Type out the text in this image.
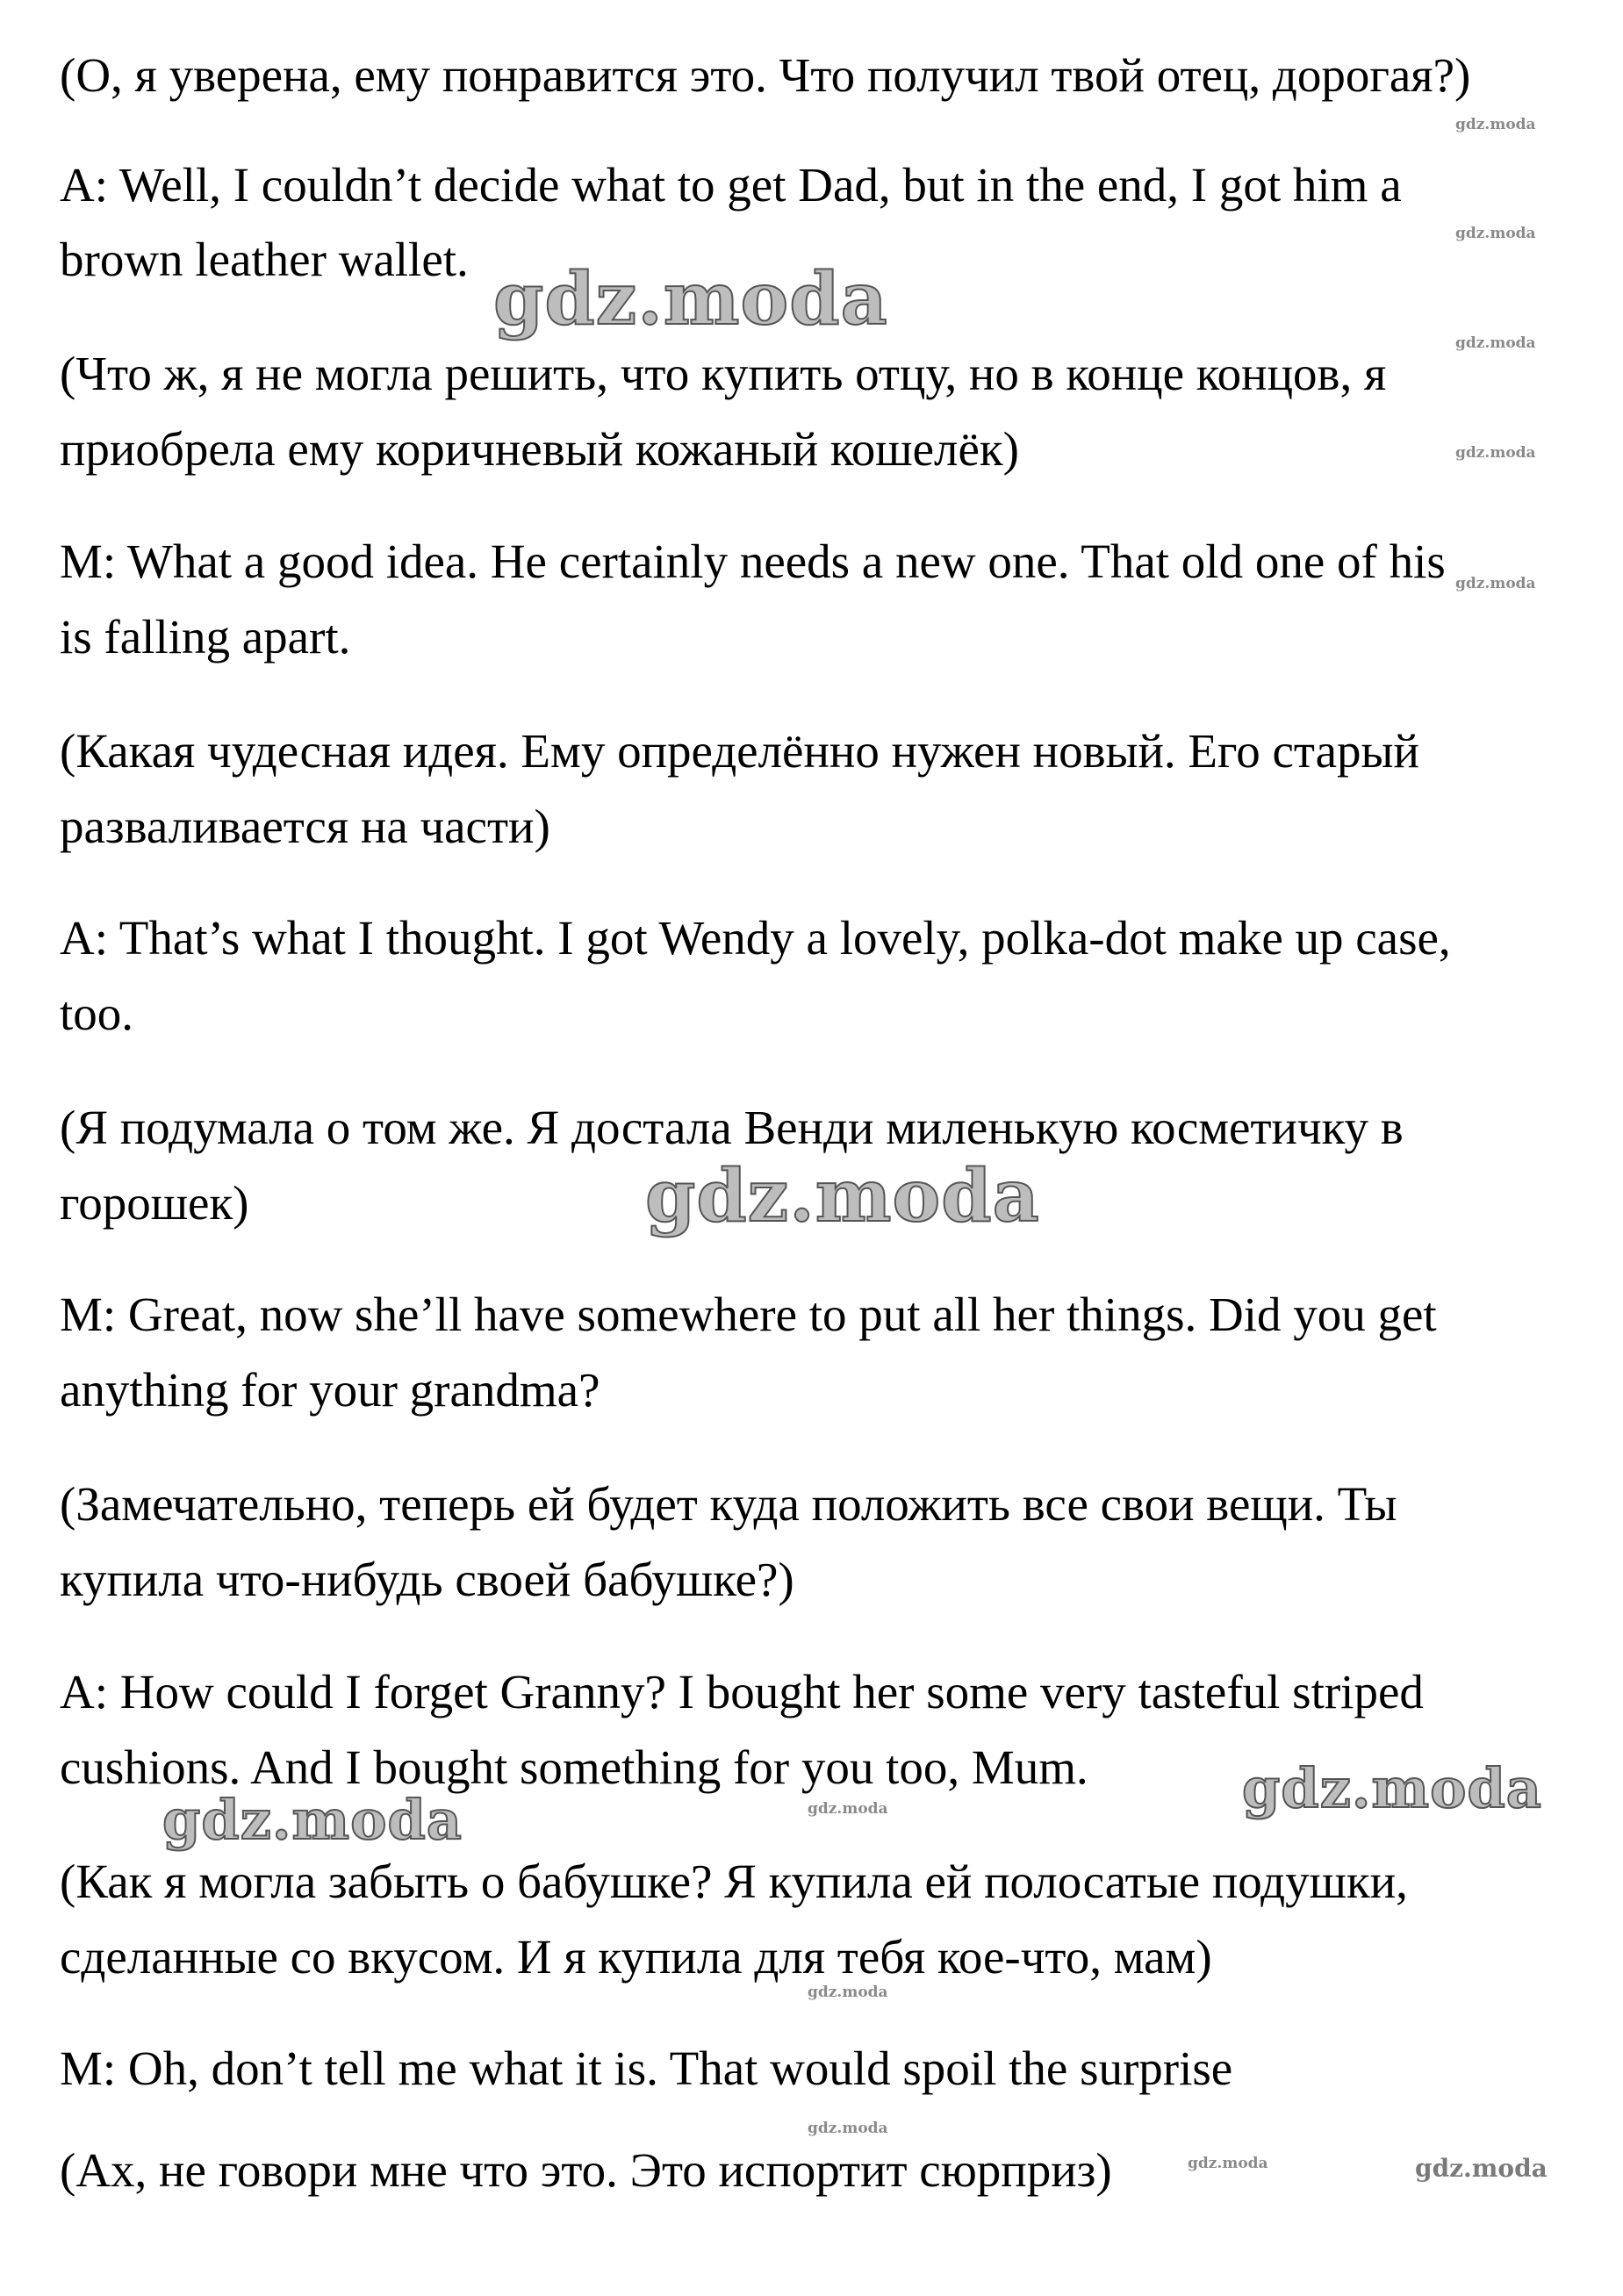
(О, я уверена, ему понравится это. Что получил твой отец, дорогая?)
A: Well, I couldn’t decide what to get Dad, but in the end, I got him a
brown leather wallet.
(Что ж, я не могла решить, что купить отцу, но в конце концов, я
приобрела ему коричневый кожаный кошелёк)
M: What a good idea. He certainly needs a new one. That old one of his
is falling apart.
(Какая чудесная идея. Ему определённо нужен новый. Его старый
разваливается на части)
A: That’s what I thought. I got Wendy a lovely, polka-dot make up case,
too.
(Я подумала о том же. Я достала Венди миленькую косметичку в
горошек)
M: Great, now she’ll have somewhere to put all her things. Did you get
anything for your grandma?
(Замечательно, теперь ей будет куда положить все свои вещи. Ты
купила что-нибудь своей бабушке?)
A: How could I forget Granny? I bought her some very tasteful striped
cushions. And I bought something for you too, Mum.
(Как я могла забыть о бабушке? Я купила ей полосатые подушки,
сделанные со вкусом. И я купила для тебя кое-что, мам)
M: Oh, don’t tell me what it is. That would spoil the surprise
(Ах, не говори мне что это. Это испортит сюрприз)
gdz.moda
gdz.moda
gdz.moda	gdz.moda
gdz.moda
gdz.moda
gdz.moda
gdz.moda
gdz.moda
gdz.moda
gdz.moda
gdz.moda
gdz.moda	gdz.moda
